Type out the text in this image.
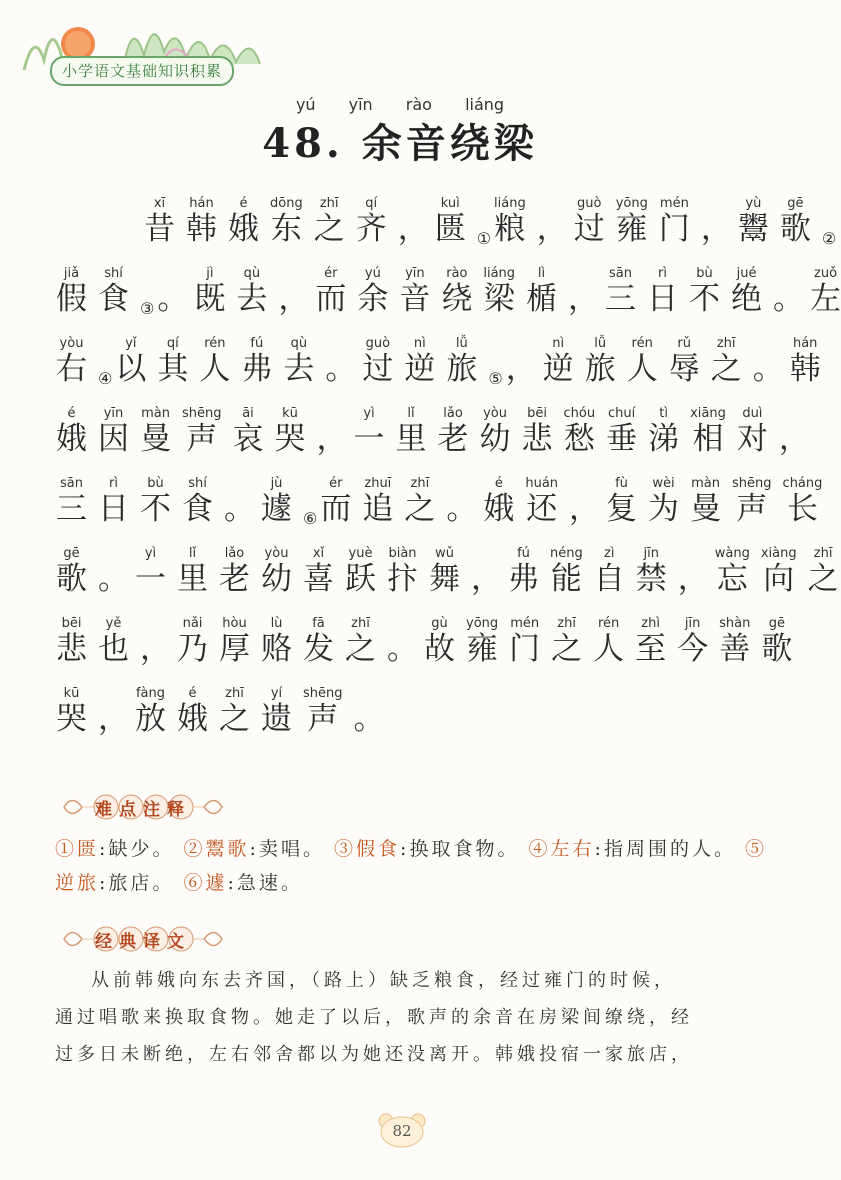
小学语文基础知识积累
yú yīn rào liáng
48. 余音绕梁
昔xī
韩hán
娥é
东dōng
之zhī
齐qí
， 匮kuì
① 粮liáng
， 过guò
雍yōng
门mén
， 鬻yù
歌gē
②
假jiǎ
食shí
③ 。 既jì
去qù
， 而ér
余yú
音yīn
绕rào
梁liáng
楯lì
， 三sān
日rì
不bù
绝jué
。 左zuǒ
右yòu
④ 以yǐ
其qí
人rén
弗fú
去qù
。 过guò
逆nì
旅lǚ
⑤ ， 逆nì
旅lǚ
人rén
辱rǔ
之zhī
。 韩hán
娥é
因yīn
曼màn
声shēng
哀āi
哭kū
， 一yì
里lǐ
老lǎo
幼yòu
悲bēi
愁chóu
垂chuí
涕tì
相xiāng
对duì
，
三sān
日rì
不bù
食shí
。 遽jù
⑥ 而ér
追zhuī
之zhī
。 娥é
还huán
， 复fù
为wèi
曼màn
声shēng
长cháng
歌gē
。 一yì
里lǐ
老lǎo
幼yòu
喜xǐ
跃yuè
抃biàn
舞wǔ
， 弗fú
能néng
自zì
禁jīn
， 忘wàng
向xiàng
之zhī
悲bēi
也yě
， 乃nǎi
厚hòu
赂lù
发fā
之zhī
。 故gù
雍yōng
门mén
之zhī
人rén
至zhì
今jīn
善shàn
歌gē
哭kū
， 放fàng
娥é
之zhī
遗yí
声shēng
。
难点注释
①匮:缺少。 ②鬻歌:卖唱。 ③假食:换取食物。 ④左右:指周围的人。 ⑤逆旅:旅店。 ⑥遽:急速。
经典译文

从前韩娥向东去齐国，（路上）缺乏粮食，经过雍门的时候，

通过唱歌来换取食物。她走了以后，歌声的余音在房梁间缭绕，经

过多日未断绝，左右邻舍都以为她还没离开。韩娥投宿一家旅店，

82
